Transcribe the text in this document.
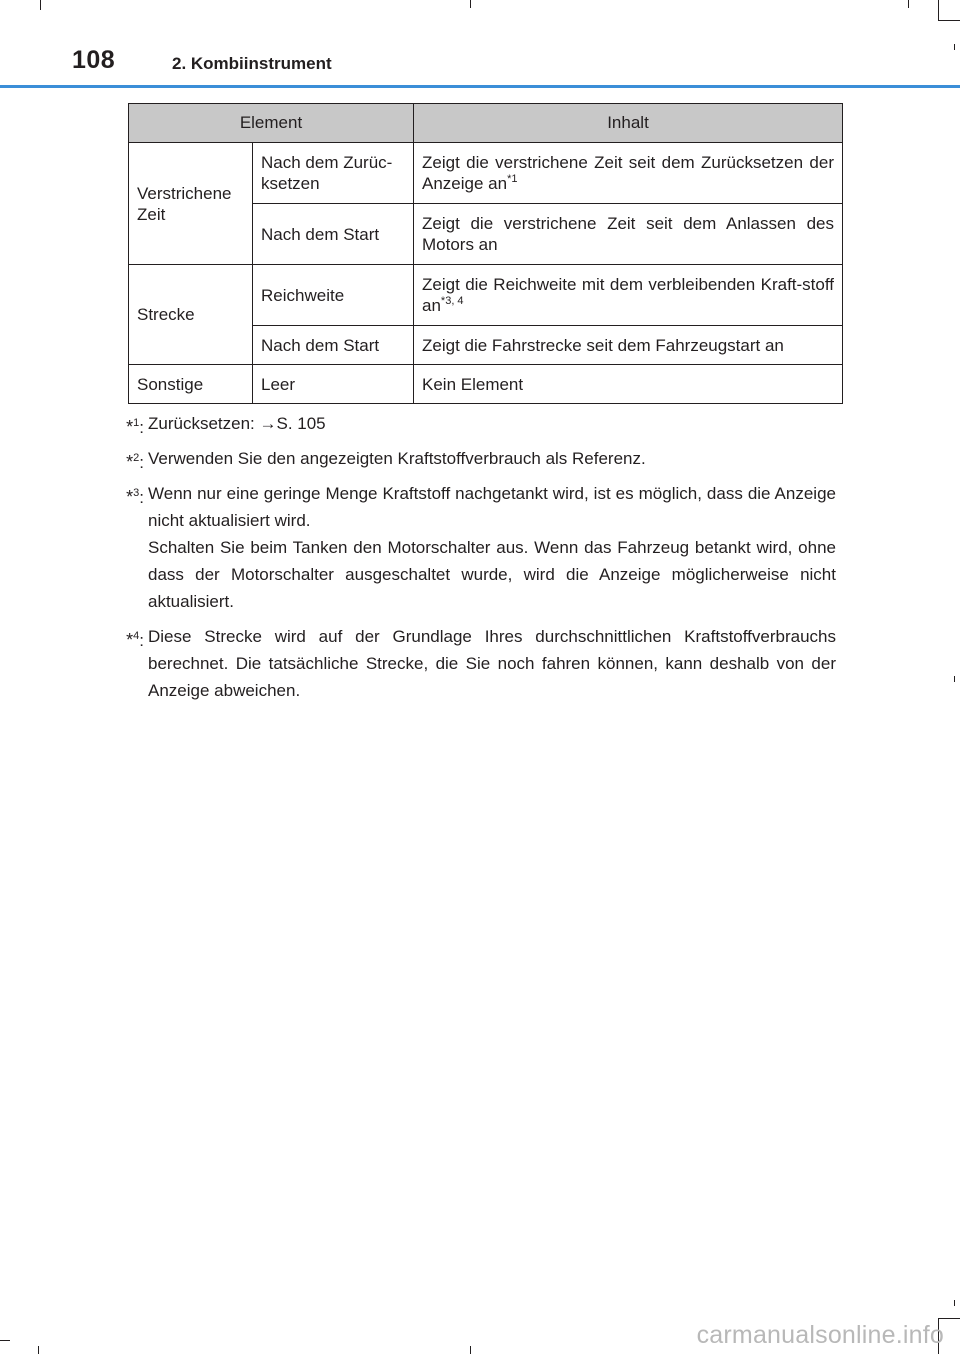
108	2. Kombiinstrument
Element		Inhalt
Verstrichene Zeit	Nach dem Zurüc-ksetzen	Zeigt die verstrichene Zeit seit dem Zurücksetzen der Anzeige $an^{*1}$
	Nach dem Start	Zeigt die verstrichene Zeit seit dem Anlassen des Motors an
Strecke	Reichweite	Zeigt die Reichweite mit dem verbleibenden Kraft-stoff an$^{*3, 4}$
	Nach dem Start	Zeigt die Fahrstrecke seit dem Fahrzeugstart an
Sonstige	Leer	Kein Element
*$^1$: Zurücksetzen: →S. 105

*$^2$: Verwenden Sie den angezeigten Kraftstoffverbrauch als Referenz.

*$^3$: Wenn nur eine geringe Menge Kraftstoff nachgetankt wird, ist es möglich, dass die Anzeige nicht aktualisiert wird.

Schalten Sie beim Tanken den Motorschalter aus. Wenn das Fahrzeug betankt wird, ohne dass der Motorschalter ausgeschaltet wurde, wird die Anzeige möglicherweise nicht aktualisiert.

*$^4$: Diese Strecke wird auf der Grundlage Ihres durchschnittlichen Kraftstoffverbrauchs berechnet. Die tatsächliche Strecke, die Sie noch fahren können, kann deshalb von der Anzeige abweichen.

carmanualsonline.info
